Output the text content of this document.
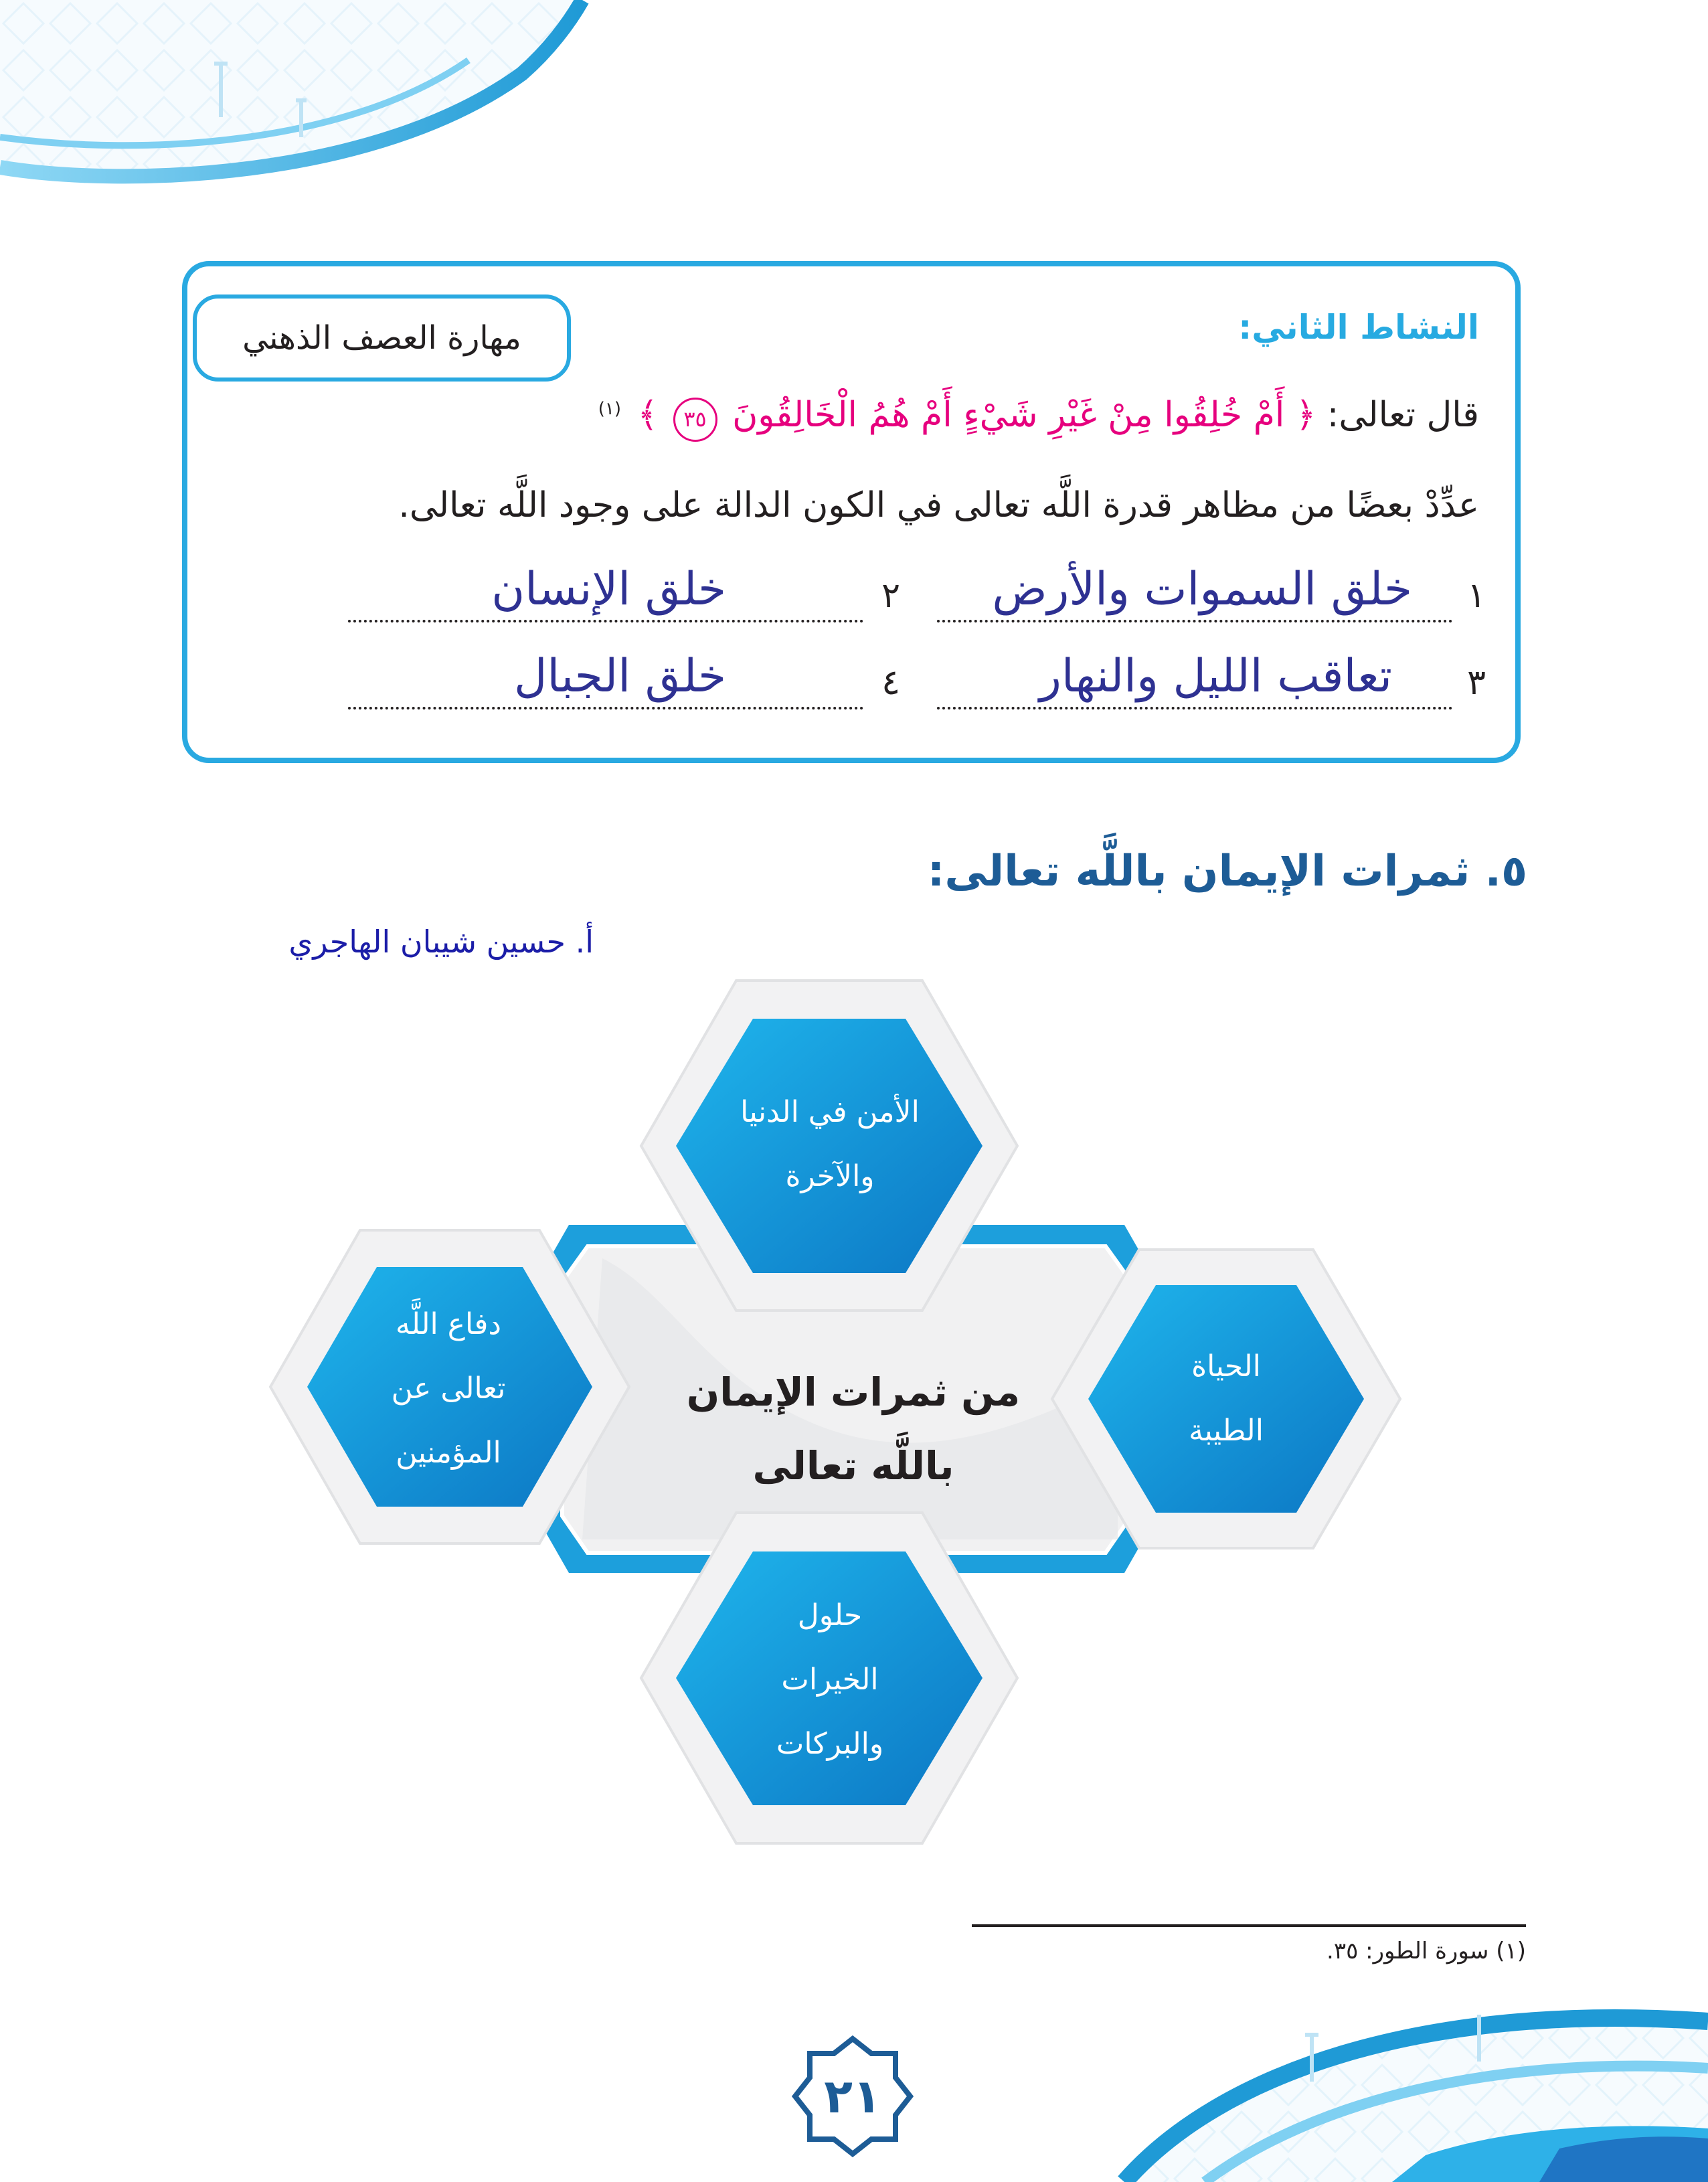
النشاط الثاني:
مهارة العصف الذهني
قال تعالى: ﴿ أَمْ خُلِقُوا مِنْ غَيْرِ شَيْءٍ أَمْ هُمُ الْخَالِقُونَ ٣٥ ﴾ $^{(١)}$
عدِّدْ بعضًا من مظاهر قدرة اللَّه تعالى في الكون الدالة على وجود اللَّه تعالى.
١
خلق السموات والأرض
٢
خلق الإنسان
٣
تعاقب الليل والنهار
٤
خلق الجبال
٥. ثمرات الإيمان باللَّه تعالى:
أ. حسين شيبان الهاجري
من ثمرات الإيمان
باللَّه تعالى
الأمن في الدنيا
والآخرة
الحياة
الطيبة
دفاع اللَّه
تعالى عن
المؤمنين
حلول
الخيرات
والبركات
(١) سورة الطور: ٣٥.
٢١
